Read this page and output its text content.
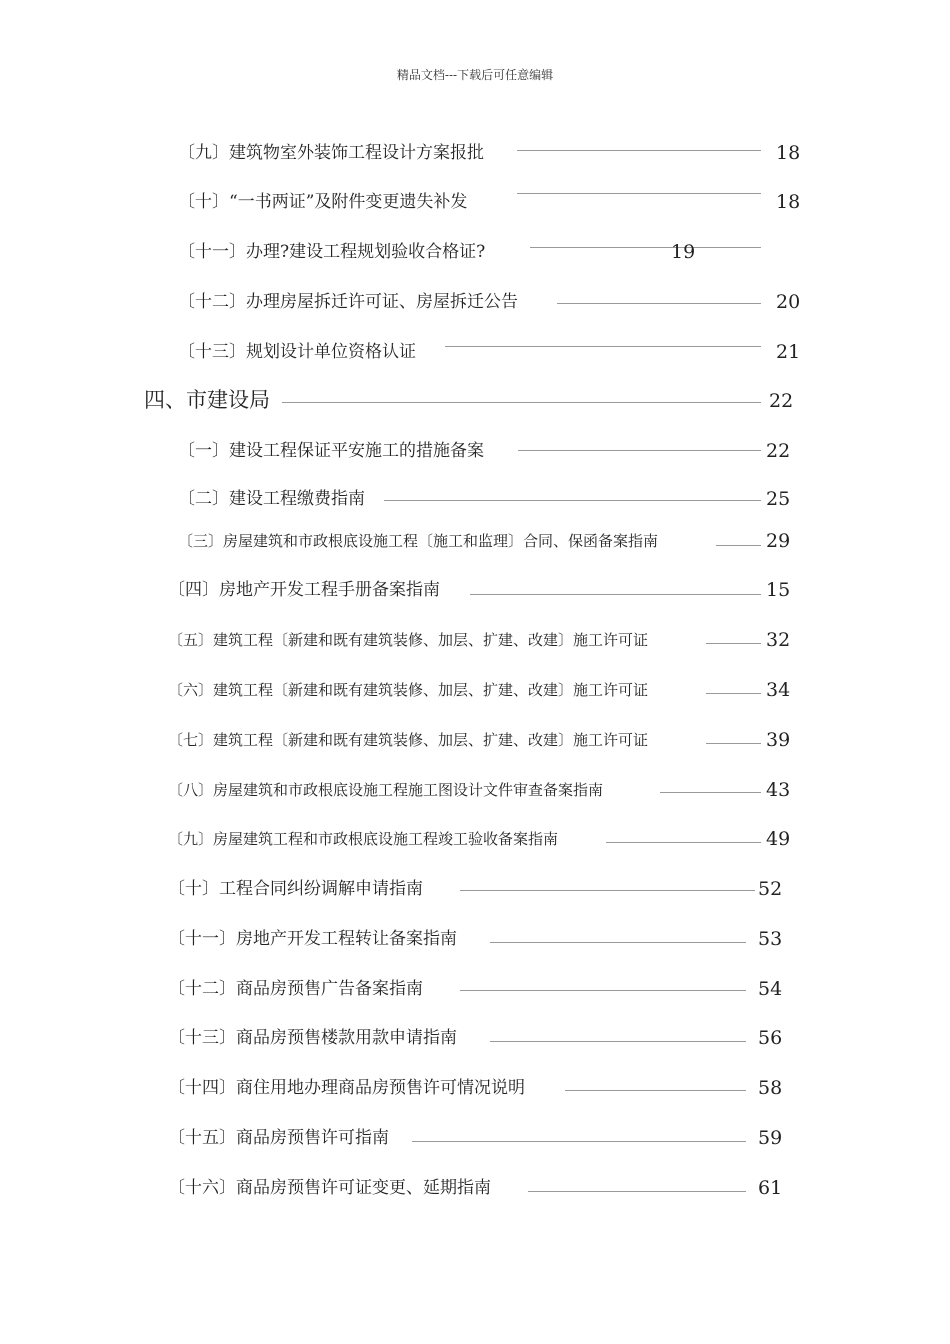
精品文档---下载后可任意编辑
〔九〕建筑物室外装饰工程设计方案报批	18
〔十〕“一书两证”及附件变更遗失补发	18
〔十一〕办理?建设工程规划验收合格证?	19
〔十二〕办理房屋拆迁许可证、房屋拆迁公告	20
〔十三〕规划设计单位资格认证	21
四、市建设局	22
〔一〕建设工程保证平安施工的措施备案	22
〔二〕建设工程缴费指南	25
〔三〕房屋建筑和市政根底设施工程〔施工和监理〕合同、保函备案指南	29
〔四〕房地产开发工程手册备案指南	15
〔五〕建筑工程〔新建和既有建筑装修、加层、扩建、改建〕施工许可证	32
〔六〕建筑工程〔新建和既有建筑装修、加层、扩建、改建〕施工许可证	34
〔七〕建筑工程〔新建和既有建筑装修、加层、扩建、改建〕施工许可证	39
〔八〕房屋建筑和市政根底设施工程施工图设计文件审查备案指南	43
〔九〕房屋建筑工程和市政根底设施工程竣工验收备案指南	49
〔十〕工程合同纠纷调解申请指南	52
〔十一〕房地产开发工程转让备案指南	53
〔十二〕商品房预售广告备案指南	54
〔十三〕商品房预售楼款用款申请指南	56
〔十四〕商住用地办理商品房预售许可情况说明	58
〔十五〕商品房预售许可指南	59
〔十六〕商品房预售许可证变更、延期指南	61
